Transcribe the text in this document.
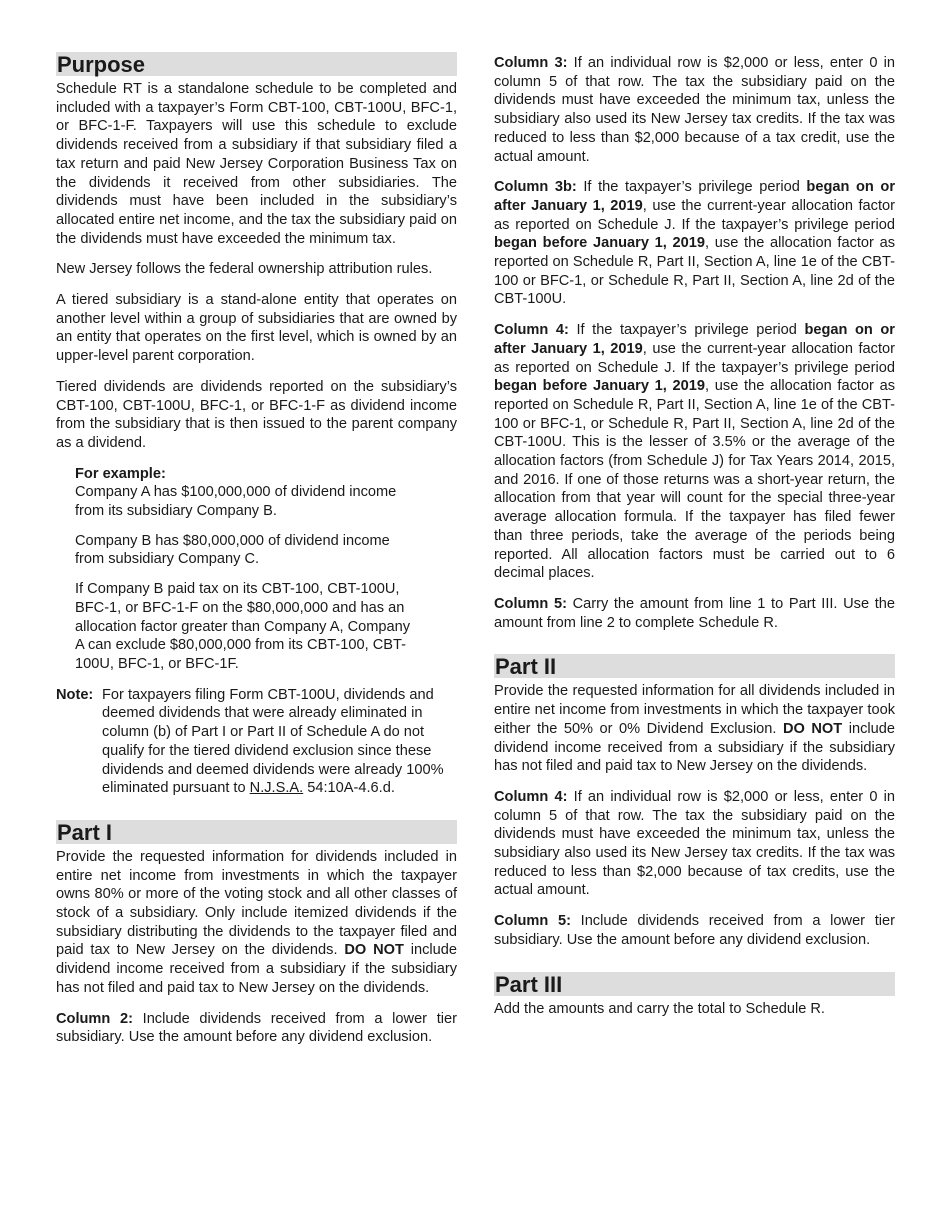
Purpose

Schedule RT is a standalone schedule to be completed and included with a taxpayer’s Form CBT-100, CBT-100U, BFC-1, or BFC-1-F. Taxpayers will use this schedule to exclude dividends received from a subsidiary if that subsidiary filed a tax return and paid New Jersey Corporation Business Tax on the dividends it received from other subsidiaries. The dividends must have been included in the subsidiary’s allocated entire net income, and the tax the subsidiary paid on the dividends must have exceeded the minimum tax.

New Jersey follows the federal ownership attribution rules.

A tiered subsidiary is a stand-alone entity that operates on another level within a group of subsidiaries that are owned by an entity that operates on the first level, which is owned by an upper-level parent corporation.

Tiered dividends are dividends reported on the subsidiary’s CBT-100, CBT-100U, BFC-1, or BFC-1-F as dividend income from the subsidiary that is then issued to the parent company as a dividend.

For example:

Company A has $100,000,000 of dividend income from its subsidiary Company B.

Company B has $80,000,000 of dividend income from subsidiary Company C.

If Company B paid tax on its CBT-100, CBT-100U, BFC-1, or BFC-1-F on the $80,000,000 and has an allocation factor greater than Company A, Company A can exclude $80,000,000 from its CBT-100, CBT-100U, BFC-1, or BFC-1F.

Note: For taxpayers filing Form CBT-100U, dividends and deemed dividends that were already eliminated in column (b) of Part I or Part II of Schedule A do not qualify for the tiered dividend exclusion since these dividends and deemed dividends were already 100% eliminated pursuant to N.J.S.A. 54:10A-4.6.d.
Part I

Provide the requested information for dividends included in entire net income from investments in which the taxpayer owns 80% or more of the voting stock and all other classes of stock of a subsidiary. Only include itemized dividends if the subsidiary distributing the dividends to the taxpayer filed and paid tax to New Jersey on the dividends. DO NOT include dividend income received from a subsidiary if the subsidiary has not filed and paid tax to New Jersey on the dividends.

Column 2: Include dividends received from a lower tier subsidiary. Use the amount before any dividend exclusion.

Column 3: If an individual row is $2,000 or less, enter 0 in column 5 of that row. The tax the subsidiary paid on the dividends must have exceeded the minimum tax, unless the subsidiary also used its New Jersey tax credits. If the tax was reduced to less than $2,000 because of a tax credit, use the actual amount.

Column 3b: If the taxpayer’s privilege period began on or after January 1, 2019, use the current-year allocation factor as reported on Schedule J. If the taxpayer’s privilege period began before January 1, 2019, use the allocation factor as reported on Schedule R, Part II, Section A, line 1e of the CBT-100 or BFC-1, or Schedule R, Part II, Section A, line 2d of the CBT-100U.

Column 4: If the taxpayer’s privilege period began on or after January 1, 2019, use the current-year allocation factor as reported on Schedule J. If the taxpayer’s privilege period began before January 1, 2019, use the allocation factor as reported on Schedule R, Part II, Section A, line 1e of the CBT-100 or BFC-1, or Schedule R, Part II, Section A, line 2d of the CBT-100U. This is the lesser of 3.5% or the average of the allocation factors (from Schedule J) for Tax Years 2014, 2015, and 2016. If one of those returns was a short-year return, the allocation from that year will count for the special three-year average allocation formula. If the taxpayer has filed fewer than three periods, take the average of the periods being reported. All allocation factors must be carried out to 6 decimal places.

Column 5: Carry the amount from line 1 to Part III. Use the amount from line 2 to complete Schedule R.

Part II

Provide the requested information for all dividends included in entire net income from investments in which the taxpayer took either the 50% or 0% Dividend Exclusion. DO NOT include dividend income received from a subsidiary if the subsidiary has not filed and paid tax to New Jersey on the dividends.

Column 4: If an individual row is $2,000 or less, enter 0 in column 5 of that row. The tax the subsidiary paid on the dividends must have exceeded the minimum tax, unless the subsidiary also used its New Jersey tax credits. If the tax was reduced to less than $2,000 because of tax credits, use the actual amount.

Column 5: Include dividends received from a lower tier subsidiary. Use the amount before any dividend exclusion.

Part III

Add the amounts and carry the total to Schedule R.
